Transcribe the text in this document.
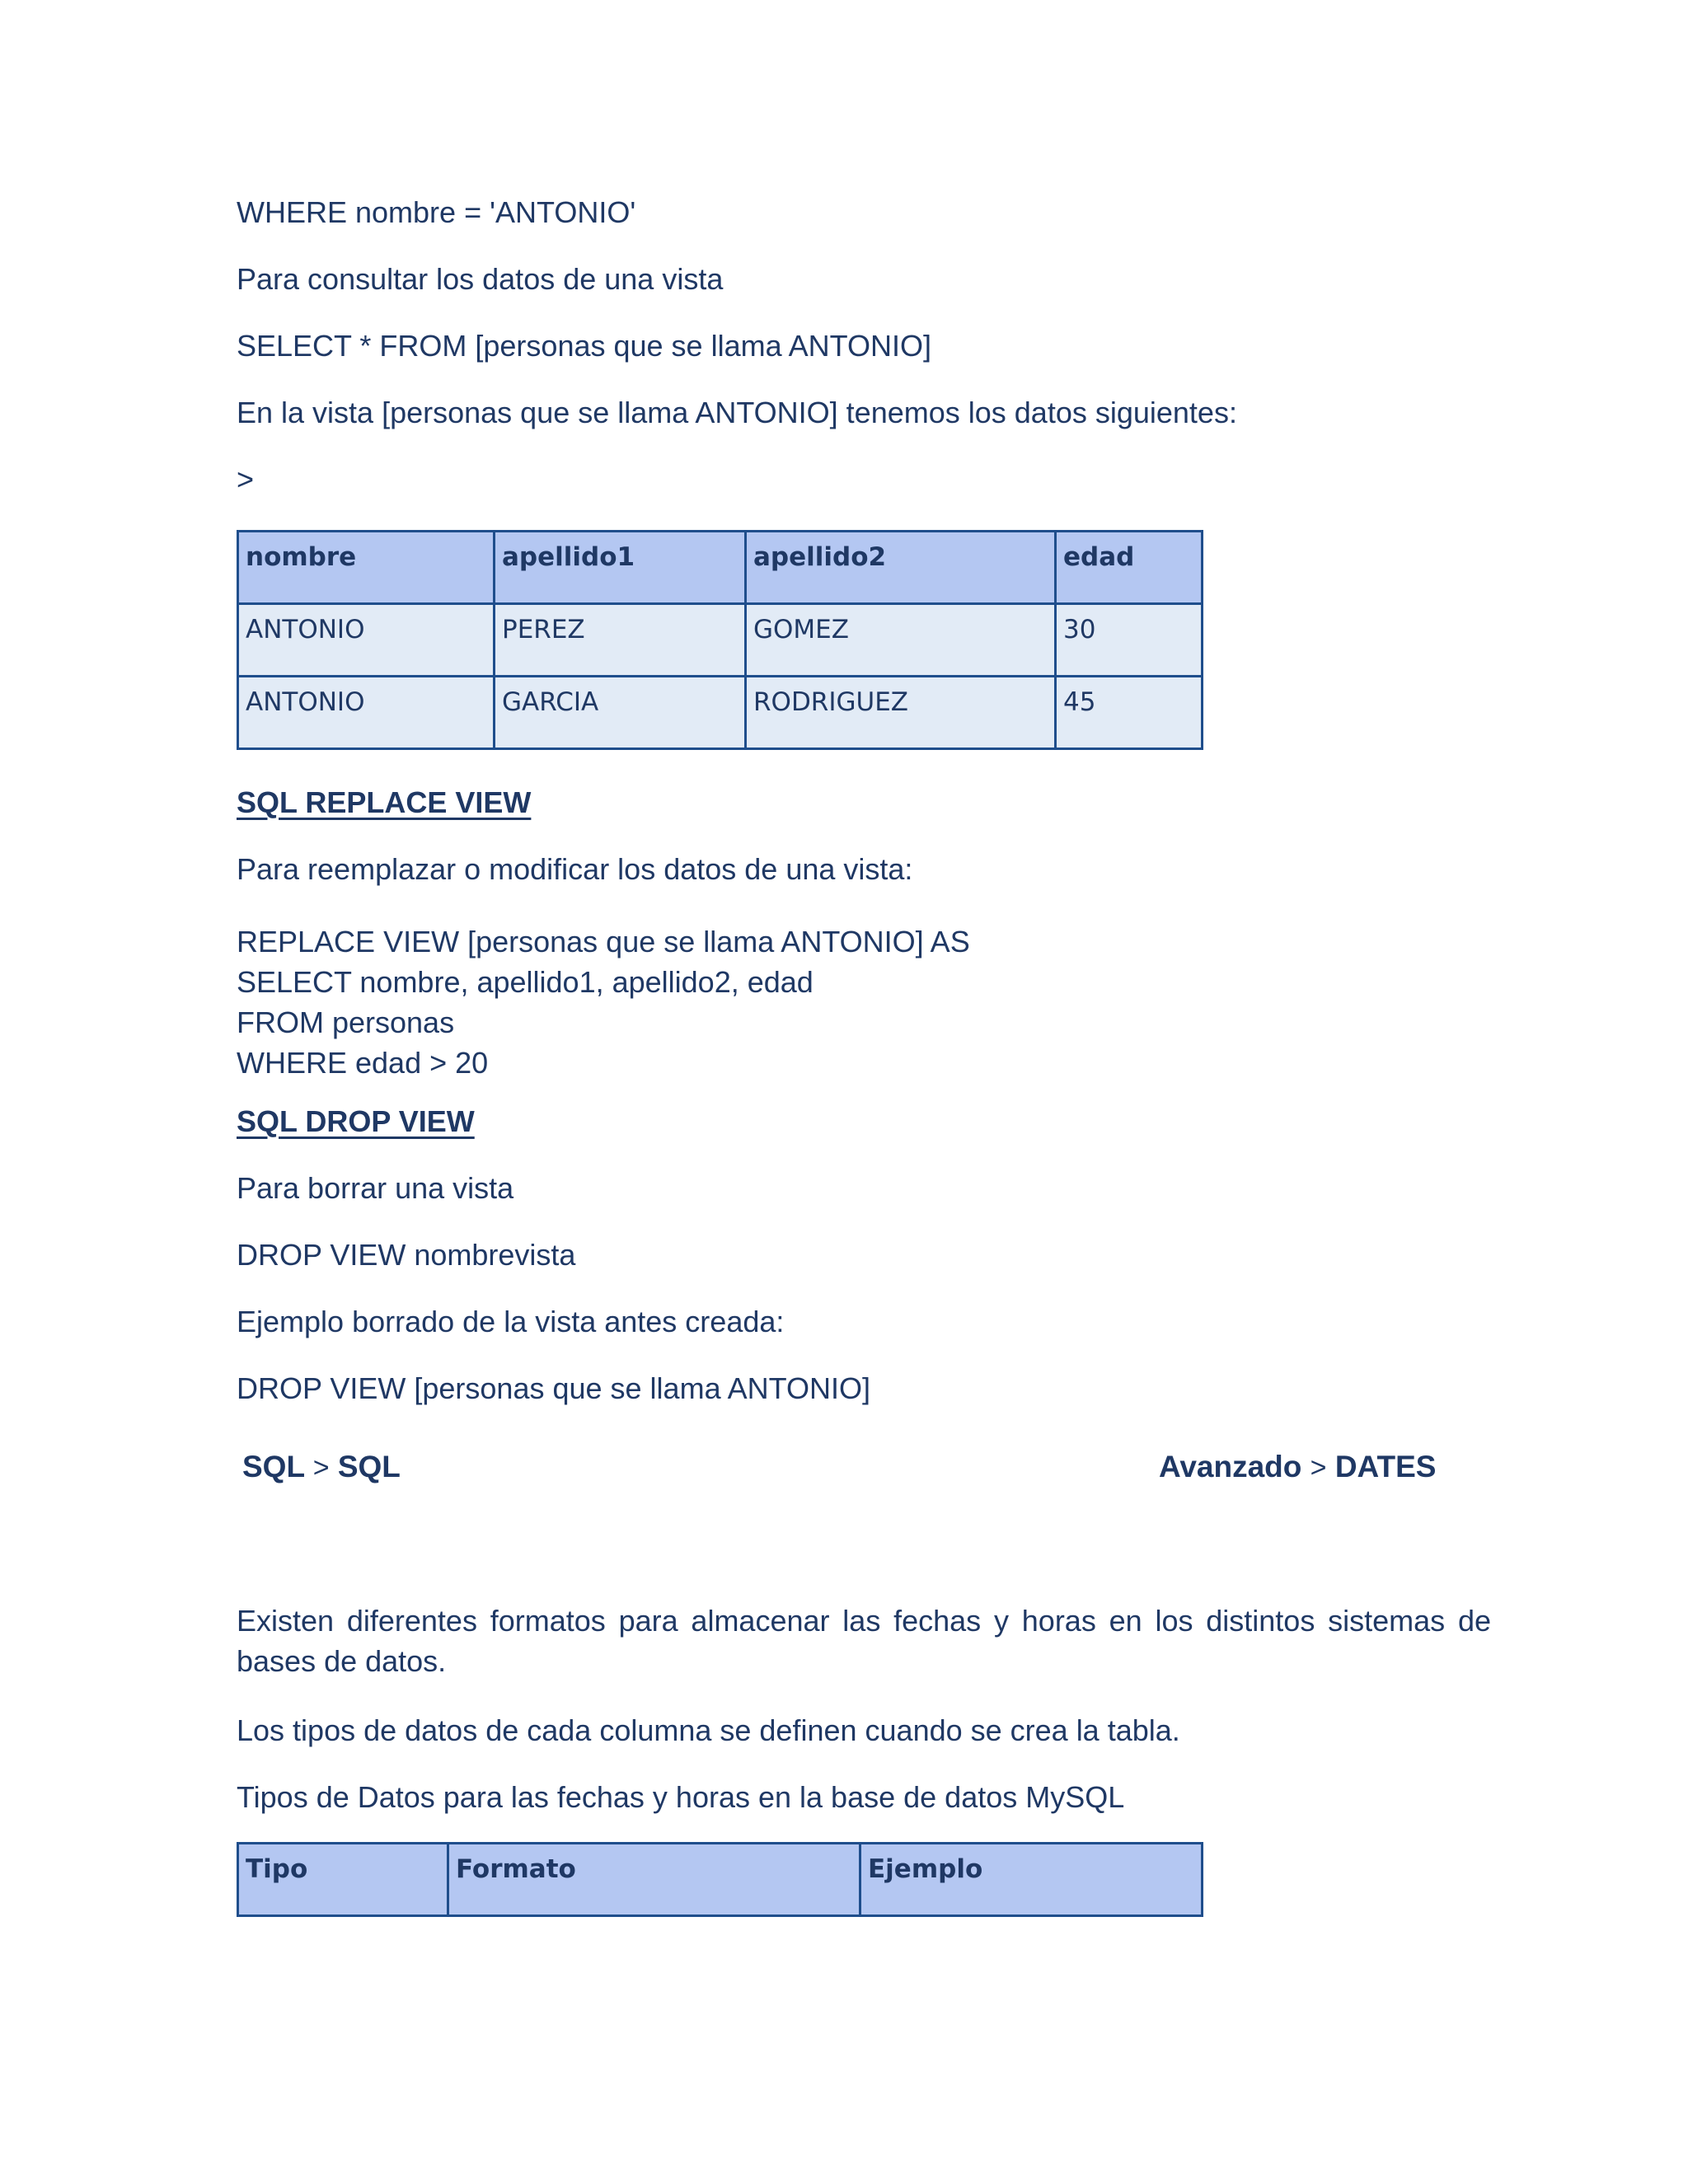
WHERE nombre = 'ANTONIO'

Para consultar los datos de una vista

SELECT * FROM [personas que se llama ANTONIO]

En la vista [personas que se llama ANTONIO] tenemos los datos siguientes:

>

nombre	apellido1	apellido2	edad
ANTONIO	PEREZ	GOMEZ	30
ANTONIO	GARCIA	RODRIGUEZ	45

SQL REPLACE VIEW

Para reemplazar o modificar los datos de una vista:

REPLACE VIEW [personas que se llama ANTONIO] AS
SELECT nombre, apellido1, apellido2, edad
FROM personas
WHERE edad > 20

SQL DROP VIEW

Para borrar una vista

DROP VIEW nombrevista

Ejemplo borrado de la vista antes creada:

DROP VIEW [personas que se llama ANTONIO]

SQL > SQL	Avanzado > DATES

Existen diferentes formatos para almacenar las fechas y horas en los distintos sistemas de bases de datos.

Los tipos de datos de cada columna se definen cuando se crea la tabla.

Tipos de Datos para las fechas y horas en la base de datos MySQL

Tipo	Formato	Ejemplo
